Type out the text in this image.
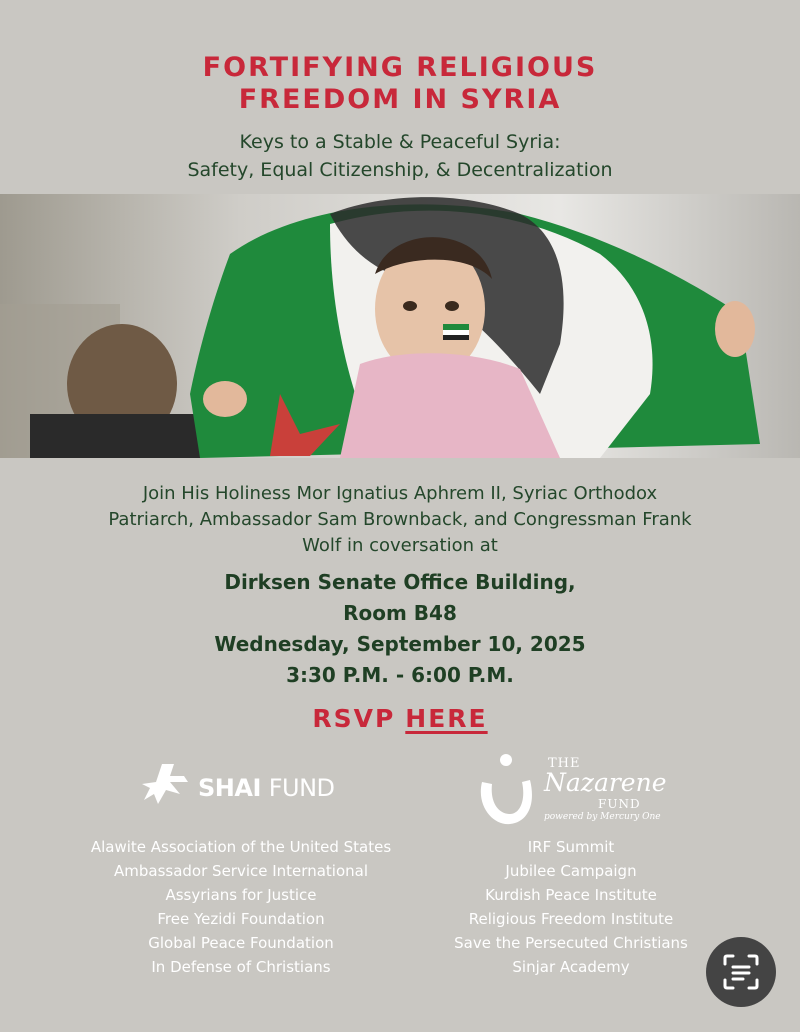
FORTIFYING RELIGIOUS
FREEDOM IN SYRIA
Keys to a Stable & Peaceful Syria:
Safety, Equal Citizenship, & Decentralization
Join His Holiness Mor Ignatius Aphrem II, Syriac Orthodox
Patriarch, Ambassador Sam Brownback, and Congressman Frank
Wolf in coversation at
Dirksen Senate Office Building,
Room B48
Wednesday, September 10, 2025
3:30 P.M. - 6:00 P.M.
RSVP HERE
SHAI FUND
THE
Nazarene
FUND
powered by Mercury One
Alawite Association of the United States
Ambassador Service International
Assyrians for Justice
Free Yezidi Foundation
Global Peace Foundation
In Defense of Christians
IRF Summit
Jubilee Campaign
Kurdish Peace Institute
Religious Freedom Institute
Save the Persecuted Christians
Sinjar Academy
